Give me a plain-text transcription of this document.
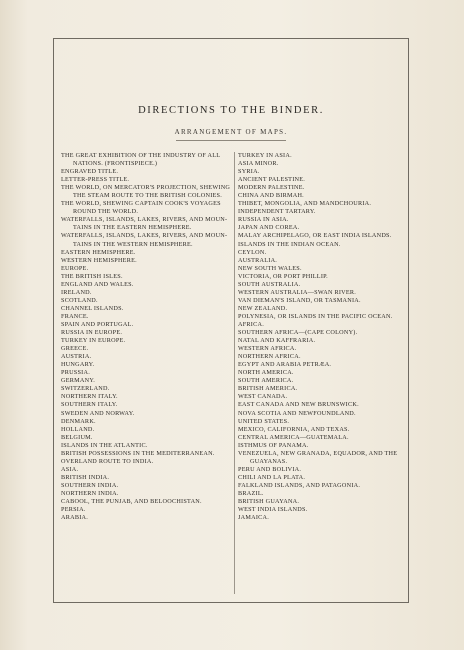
DIRECTIONS TO THE BINDER.
ARRANGEMENT OF MAPS.
THE GREAT EXHIBITION OF THE INDUSTRY OF ALL
NATIONS. (FRONTISPIECE.)
ENGRAVED TITLE.
LETTER-PRESS TITLE.
THE WORLD, ON MERCATOR'S PROJECTION, SHEWING
THE STEAM ROUTE TO THE BRITISH COLONIES.
THE WORLD, SHEWING CAPTAIN COOK'S VOYAGES
ROUND THE WORLD.
WATERFALLS, ISLANDS, LAKES, RIVERS, AND MOUN-
TAINS IN THE EASTERN HEMISPHERE.
WATERFALLS, ISLANDS, LAKES, RIVERS, AND MOUN-
TAINS IN THE WESTERN HEMISPHERE.
EASTERN HEMISPHERE.
WESTERN HEMISPHERE.
EUROPE.
THE BRITISH ISLES.
ENGLAND AND WALES.
IRELAND.
SCOTLAND.
CHANNEL ISLANDS.
FRANCE.
SPAIN AND PORTUGAL.
RUSSIA IN EUROPE.
TURKEY IN EUROPE.
GREECE.
AUSTRIA.
HUNGARY.
PRUSSIA.
GERMANY.
SWITZERLAND.
NORTHERN ITALY.
SOUTHERN ITALY.
SWEDEN AND NORWAY.
DENMARK.
HOLLAND.
BELGIUM.
ISLANDS IN THE ATLANTIC.
BRITISH POSSESSIONS IN THE MEDITERRANEAN.
OVERLAND ROUTE TO INDIA.
ASIA.
BRITISH INDIA.
SOUTHERN INDIA.
NORTHERN INDIA.
CABOOL, THE PUNJAB, AND BELOOCHISTAN.
PERSIA.
ARABIA.
TURKEY IN ASIA.
ASIA MINOR.
SYRIA.
ANCIENT PALESTINE.
MODERN PALESTINE.
CHINA AND BIRMAH.
THIBET, MONGOLIA, AND MANDCHOURIA.
INDEPENDENT TARTARY.
RUSSIA IN ASIA.
JAPAN AND COREA.
MALAY ARCHIPELAGO, OR EAST INDIA ISLANDS.
ISLANDS IN THE INDIAN OCEAN.
CEYLON.
AUSTRALIA.
NEW SOUTH WALES.
VICTORIA, OR PORT PHILLIP.
SOUTH AUSTRALIA.
WESTERN AUSTRALIA—SWAN RIVER.
VAN DIEMAN'S ISLAND, OR TASMANIA.
NEW ZEALAND.
POLYNESIA, OR ISLANDS IN THE PACIFIC OCEAN.
AFRICA.
SOUTHERN AFRICA—(CAPE COLONY).
NATAL AND KAFFRARIA.
WESTERN AFRICA.
NORTHERN AFRICA.
EGYPT AND ARABIA PETRÆA.
NORTH AMERICA.
SOUTH AMERICA.
BRITISH AMERICA.
WEST CANADA.
EAST CANADA AND NEW BRUNSWICK.
NOVA SCOTIA AND NEWFOUNDLAND.
UNITED STATES.
MEXICO, CALIFORNIA, AND TEXAS.
CENTRAL AMERICA—GUATEMALA.
ISTHMUS OF PANAMA.
VENEZUELA, NEW GRANADA, EQUADOR, AND THE
GUAYANAS.
PERU AND BOLIVIA.
CHILI AND LA PLATA.
FALKLAND ISLANDS, AND PATAGONIA.
BRAZIL.
BRITISH GUAYANA.
WEST INDIA ISLANDS.
JAMAICA.
